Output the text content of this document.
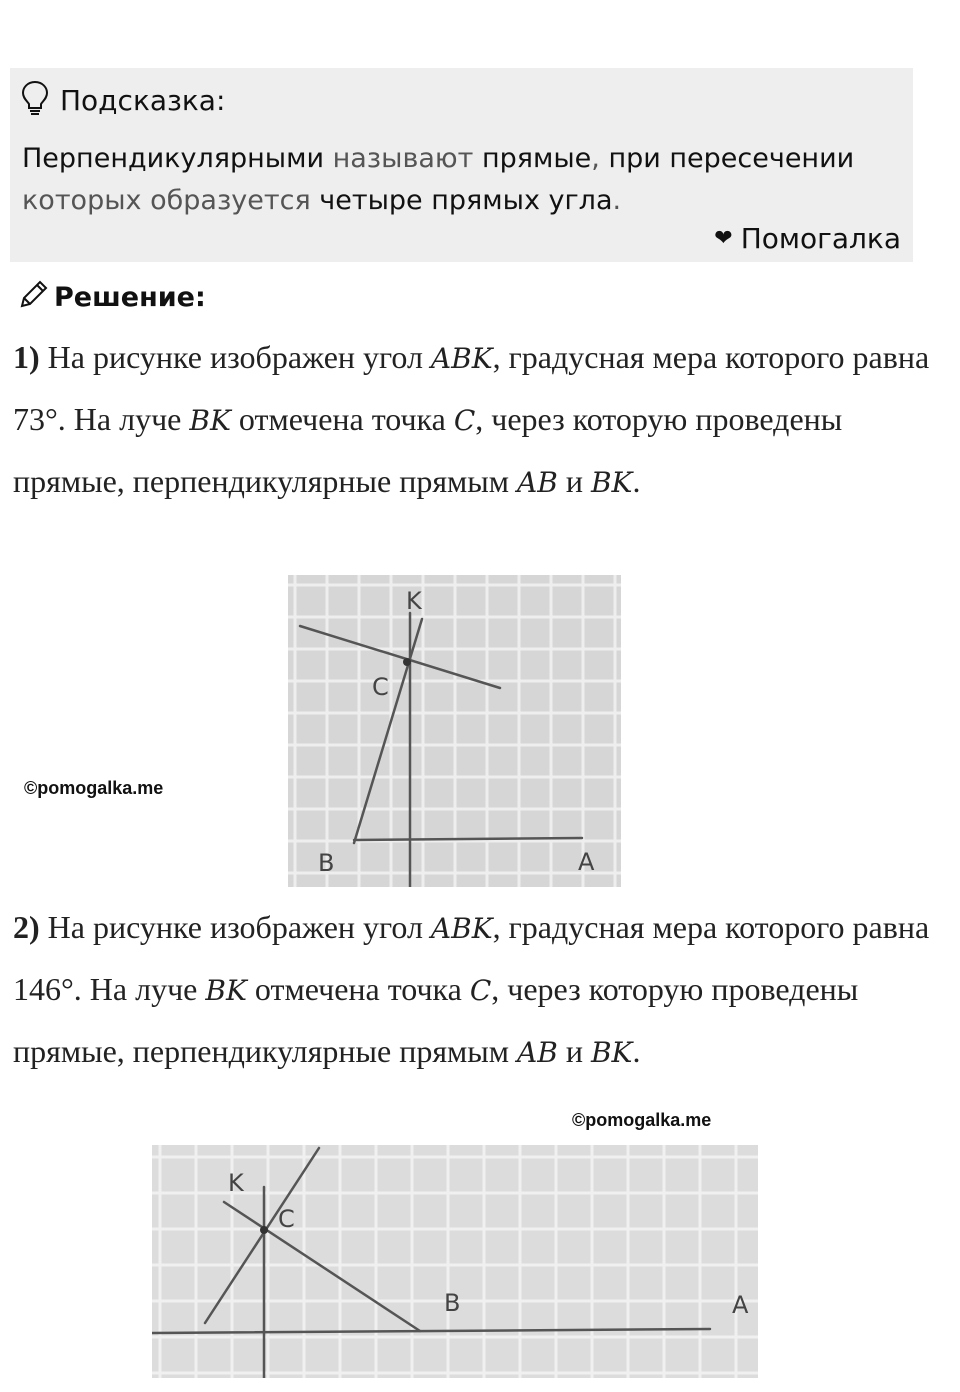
Подсказка:
Перпендикулярными называют прямые, при пересечении которых образуется четыре прямых угла.
❤ Помогалка
Решение:
1) На рисунке изображен угол ABK, градусная мера которого равна 73°. На луче BK отмечена точка C, через которую проведены прямые, перпендикулярные прямым AB и BK.
©pomogalka.me
K
C
B	A
2) На рисунке изображен угол ABK, градусная мера которого равна 146°. На луче BK отмечена точка C, через которую проведены прямые, перпендикулярные прямым AB и BK.
©pomogalka.me
K
C
B	A
